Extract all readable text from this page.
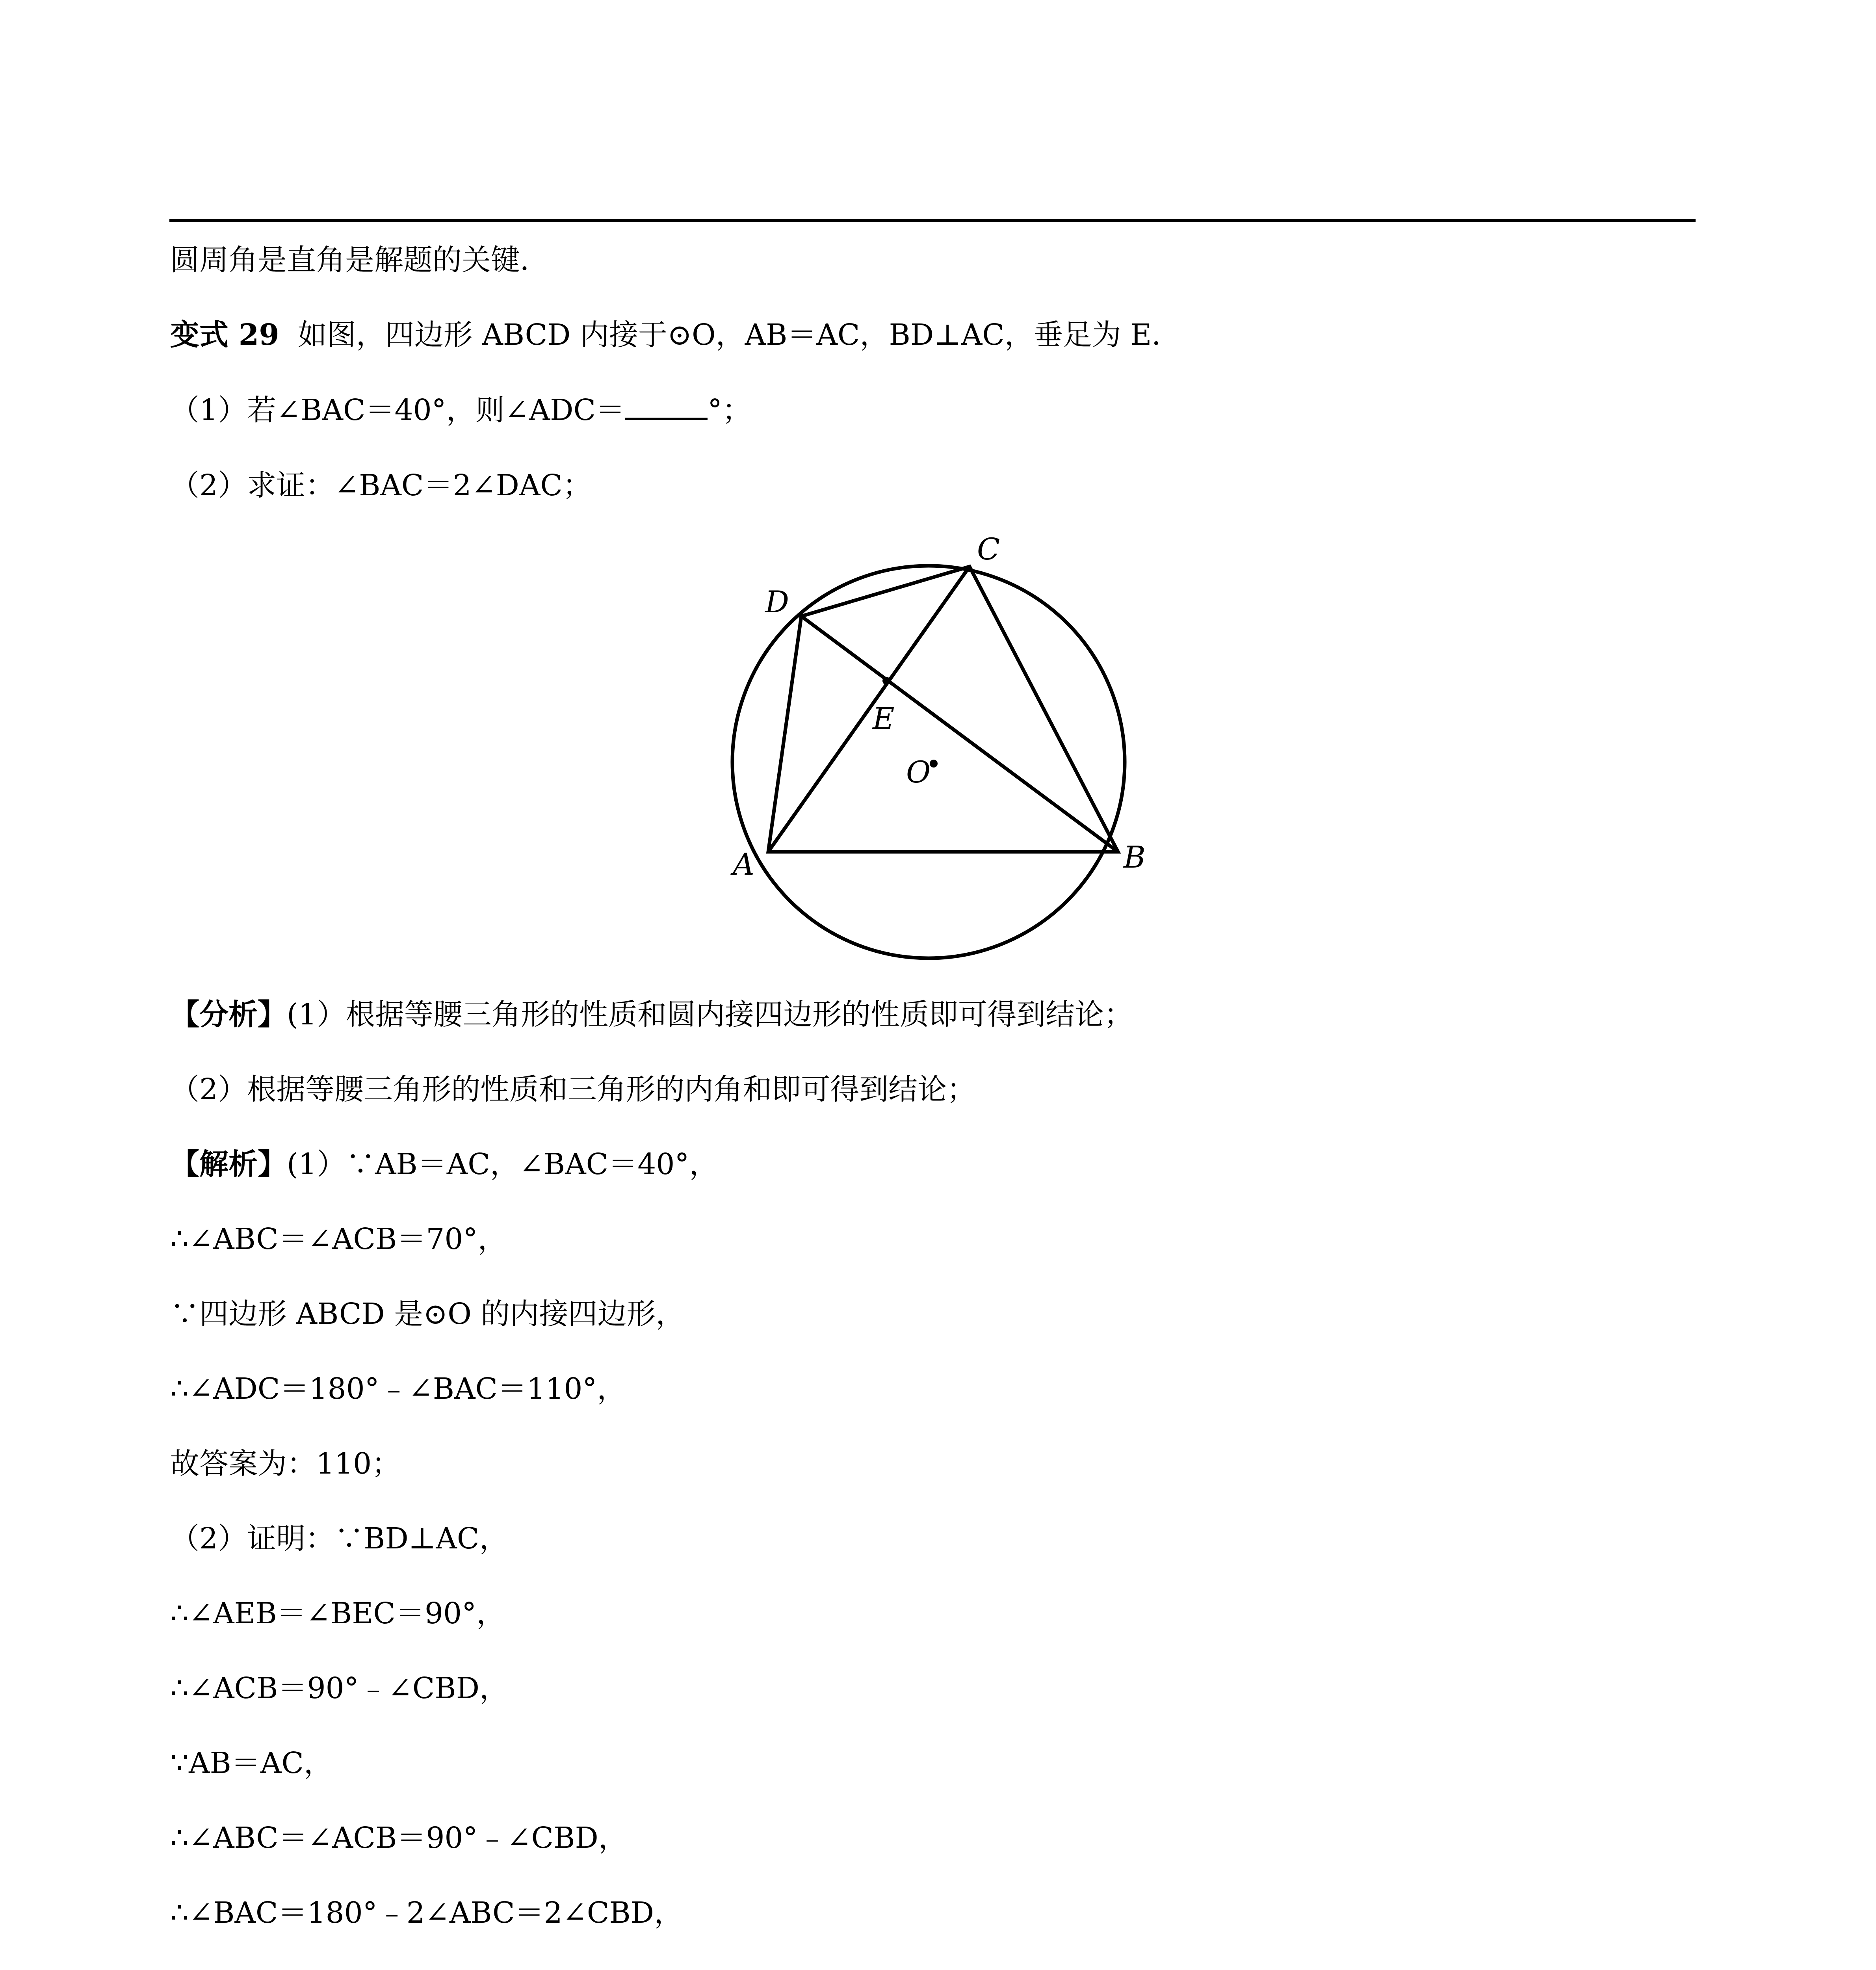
圆周角是直角是解题的关键．
变式 29 如图，四边形 ABCD 内接于⊙O，AB＝AC，BD⊥AC，垂足为 E．
（1）若∠BAC＝40°，则∠ADC＝	°；
（2）求证：∠BAC＝2∠DAC；
A	B
C
D
E
O
【分析】(1）根据等腰三角形的性质和圆内接四边形的性质即可得到结论；
（2）根据等腰三角形的性质和三角形的内角和即可得到结论；
【解析】(1）∵AB＝AC，∠BAC＝40°，
∴∠ABC＝∠ACB＝70°，
∵四边形 ABCD 是⊙O 的内接四边形，
∴∠ADC＝180°﹣∠BAC＝110°，
故答案为：110；
（2）证明：∵BD⊥AC，
∴∠AEB＝∠BEC＝90°，
∴∠ACB＝90°﹣∠CBD，
∵AB＝AC，
∴∠ABC＝∠ACB＝90°﹣∠CBD，
∴∠BAC＝180°﹣2∠ABC＝2∠CBD，
